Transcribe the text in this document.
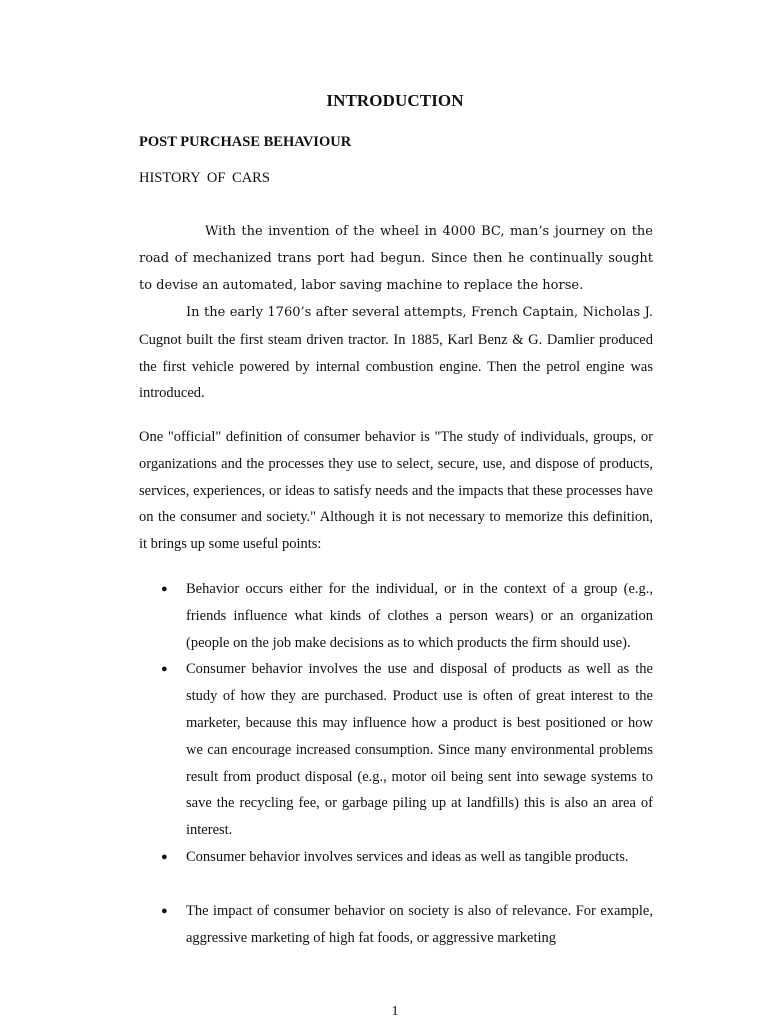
INTRODUCTION
POST PURCHASE BEHAVIOUR
HISTORY OF CARS

With the invention of the wheel in 4000 BC, man’s journey on the road of mechanized trans port had begun. Since then he continually sought to devise an automated, labor saving machine to replace the horse.

In the early 1760’s after several attempts, French Captain, Nicholas J. Cugnot built the first steam driven tractor. In 1885, Karl Benz & G. Damlier produced the first vehicle powered by internal combustion engine. Then the petrol engine was introduced.

One "official" definition of consumer behavior is "The study of individuals, groups, or organizations and the processes they use to select, secure, use, and dispose of products, services, experiences, or ideas to satisfy needs and the impacts that these processes have on the consumer and society." Although it is not necessary to memorize this definition, it brings up some useful points:

● Behavior occurs either for the individual, or in the context of a group (e.g., friends influence what kinds of clothes a person wears) or an organization (people on the job make decisions as to which products the firm should use).
● Consumer behavior involves the use and disposal of products as well as the study of how they are purchased. Product use is often of great interest to the marketer, because this may influence how a product is best positioned or how we can encourage increased consumption. Since many environmental problems result from product disposal (e.g., motor oil being sent into sewage systems to save the recycling fee, or garbage piling up at landfills) this is also an area of interest.
● Consumer behavior involves services and ideas as well as tangible products.
● The impact of consumer behavior on society is also of relevance. For example, aggressive marketing of high fat foods, or aggressive marketing
1
